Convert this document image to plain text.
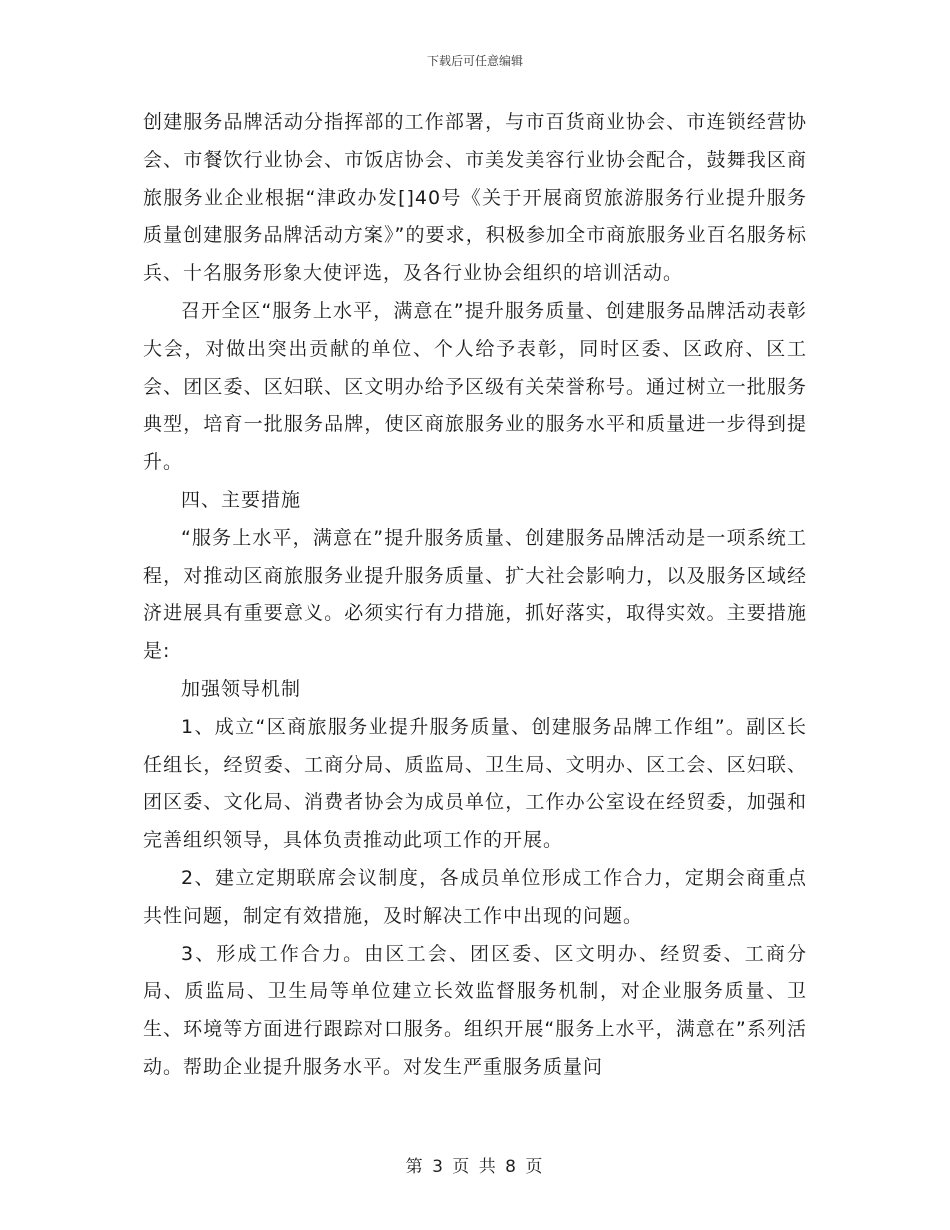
下载后可任意编辑

创建服务品牌活动分指挥部的工作部署，与市百货商业协会、市连锁经营协会、市餐饮行业协会、市饭店协会、市美发美容行业协会配合，鼓舞我区商旅服务业企业根据“津政办发[]40号《关于开展商贸旅游服务行业提升服务质量创建服务品牌活动方案》”的要求，积极参加全市商旅服务业百名服务标兵、十名服务形象大使评选，及各行业协会组织的培训活动。

召开全区“服务上水平，满意在”提升服务质量、创建服务品牌活动表彰大会，对做出突出贡献的单位、个人给予表彰，同时区委、区政府、区工会、团区委、区妇联、区文明办给予区级有关荣誉称号。通过树立一批服务典型，培育一批服务品牌，使区商旅服务业的服务水平和质量进一步得到提升。

四、主要措施

“服务上水平，满意在”提升服务质量、创建服务品牌活动是一项系统工程，对推动区商旅服务业提升服务质量、扩大社会影响力，以及服务区域经济进展具有重要意义。必须实行有力措施，抓好落实，取得实效。主要措施是:

加强领导机制

1、成立“区商旅服务业提升服务质量、创建服务品牌工作组”。副区长任组长，经贸委、工商分局、质监局、卫生局、文明办、区工会、区妇联、团区委、文化局、消费者协会为成员单位，工作办公室设在经贸委，加强和完善组织领导，具体负责推动此项工作的开展。

2、建立定期联席会议制度，各成员单位形成工作合力，定期会商重点共性问题，制定有效措施，及时解决工作中出现的问题。

3、形成工作合力。由区工会、团区委、区文明办、经贸委、工商分局、质监局、卫生局等单位建立长效监督服务机制，对企业服务质量、卫生、环境等方面进行跟踪对口服务。组织开展“服务上水平，满意在”系列活动。帮助企业提升服务水平。对发生严重服务质量问

第 3 页 共 8 页
